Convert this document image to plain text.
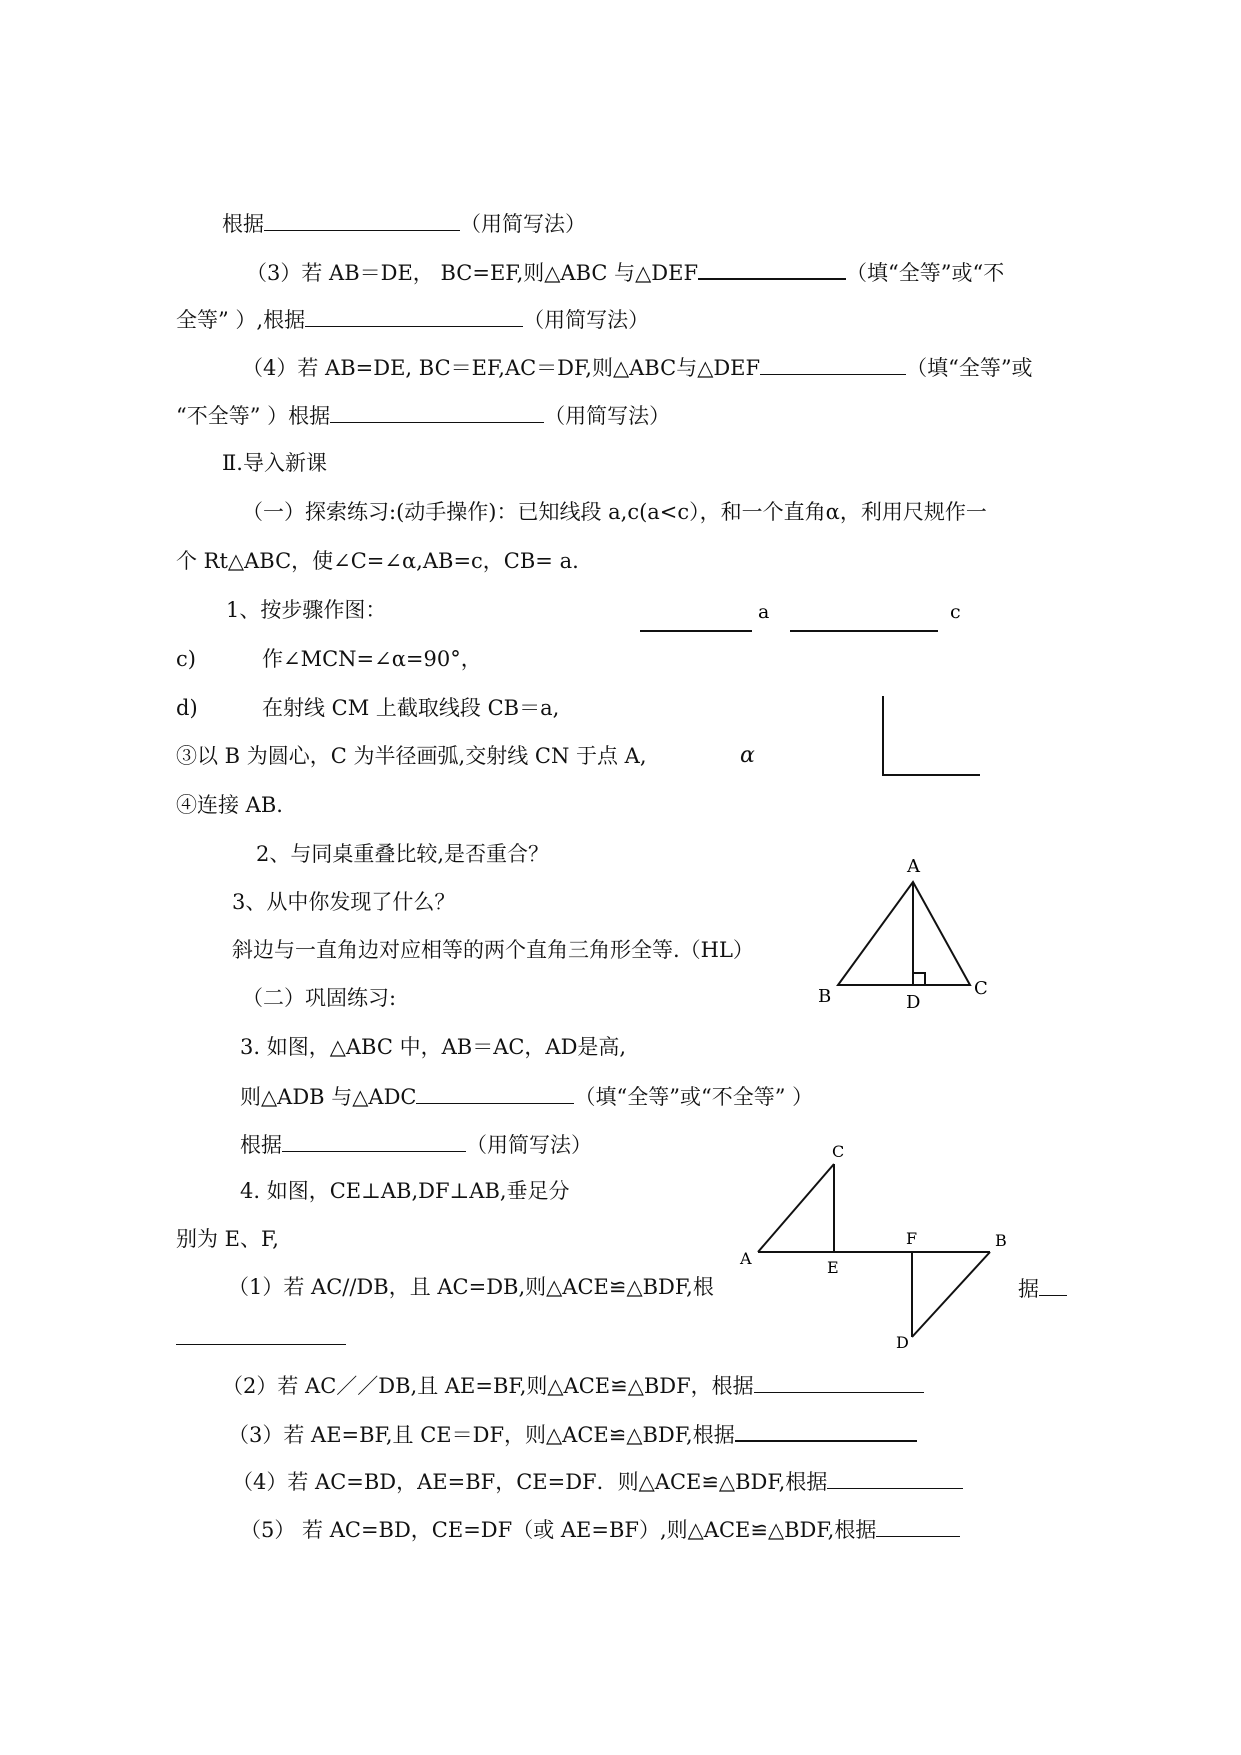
根据	（用简写法）
（3）若 AB＝DE， BC=EF,则△ABC 与△DEF	（填“全等”或“不
全等” ）,根据	（用简写法）
（4）若 AB=DE, BC＝EF,AC＝DF,则△ABC与△DEF	（填“全等”或
“不全等” ）根据	（用简写法）
Ⅱ.导入新课
（一）探索练习:(动手操作)：已知线段 a,c(a<c），和一个直角α，利用尺规作一
个 Rt△ABC，使∠C=∠α,AB=c，CB= a.
1、按步骤作图：
c)	作∠MCN=∠α=90°，
d)	在射线 CM 上截取线段 CB＝a,
③以 B 为圆心，C 为半径画弧,交射线 CN 于点 A,
④连接 AB.
2、与同桌重叠比较,是否重合？
3、从中你发现了什么？
斜边与一直角边对应相等的两个直角三角形全等.（HL）
（二）巩固练习:
3. 如图，△ABC 中，AB＝AC，AD是高,
则△ADB 与△ADC	（填“全等”或“不全等” ）
根据	（用简写法）
4. 如图，CE⊥AB,DF⊥AB,垂足分
别为 E、F,
（1）若 AC//DB，且 AC=DB,则△ACE≌△BDF,根	据
（2）若 AC／／DB,且 AE=BF,则△ACE≌△BDF，根据
（3）若 AE=BF,且 CE＝DF，则△ACE≌△BDF,根据
（4）若 AC=BD，AE=BF，CE=DF．则△ACE≌△BDF,根据
（5） 若 AC=BD，CE=DF（或 AE=BF）,则△ACE≌△BDF,根据
a	c
α
A
B	C
D
A
B
C
D
E
F
